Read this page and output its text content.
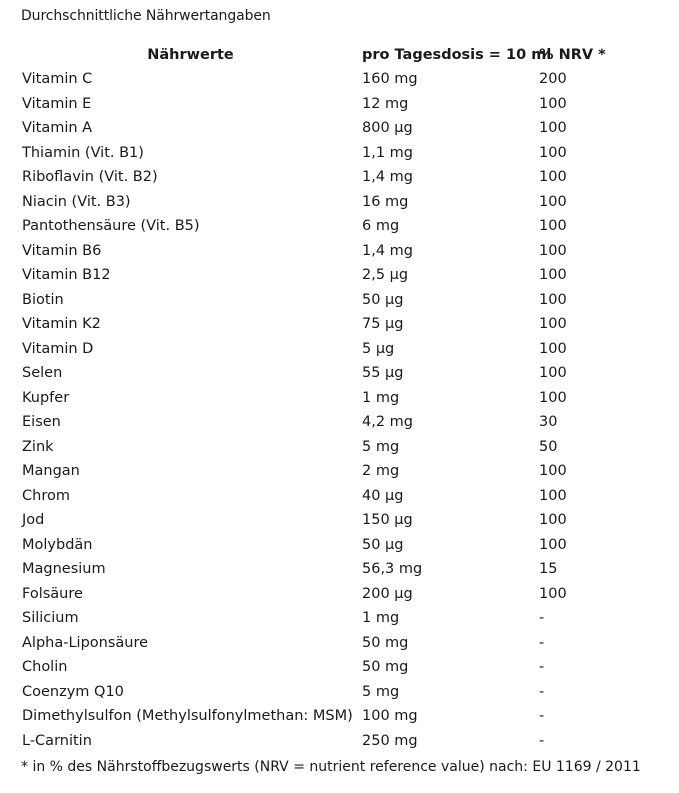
Durchschnittliche Nährwertangaben
Nährwerte	pro Tagesdosis = 10 ml	% NRV *
Vitamin C	160 mg	200
Vitamin E	12 mg	100
Vitamin A	800 µg	100
Thiamin (Vit. B1)	1,1 mg	100
Riboflavin (Vit. B2)	1,4 mg	100
Niacin (Vit. B3)	16 mg	100
Pantothensäure (Vit. B5)	6 mg	100
Vitamin B6	1,4 mg	100
Vitamin B12	2,5 µg	100
Biotin	50 µg	100
Vitamin K2	75 µg	100
Vitamin D	5 µg	100
Selen	55 µg	100
Kupfer	1 mg	100
Eisen	4,2 mg	30
Zink	5 mg	50
Mangan	2 mg	100
Chrom	40 µg	100
Jod	150 µg	100
Molybdän	50 µg	100
Magnesium	56,3 mg	15
Folsäure	200 µg	100
Silicium	1 mg	-
Alpha-Liponsäure	50 mg	-
Cholin	50 mg	-
Coenzym Q10	5 mg	-
Dimethylsulfon (Methylsulfonylmethan: MSM)	100 mg	-
L-Carnitin	250 mg	-
* in % des Nährstoffbezugswerts (NRV = nutrient reference value) nach: EU 1169 / 2011
